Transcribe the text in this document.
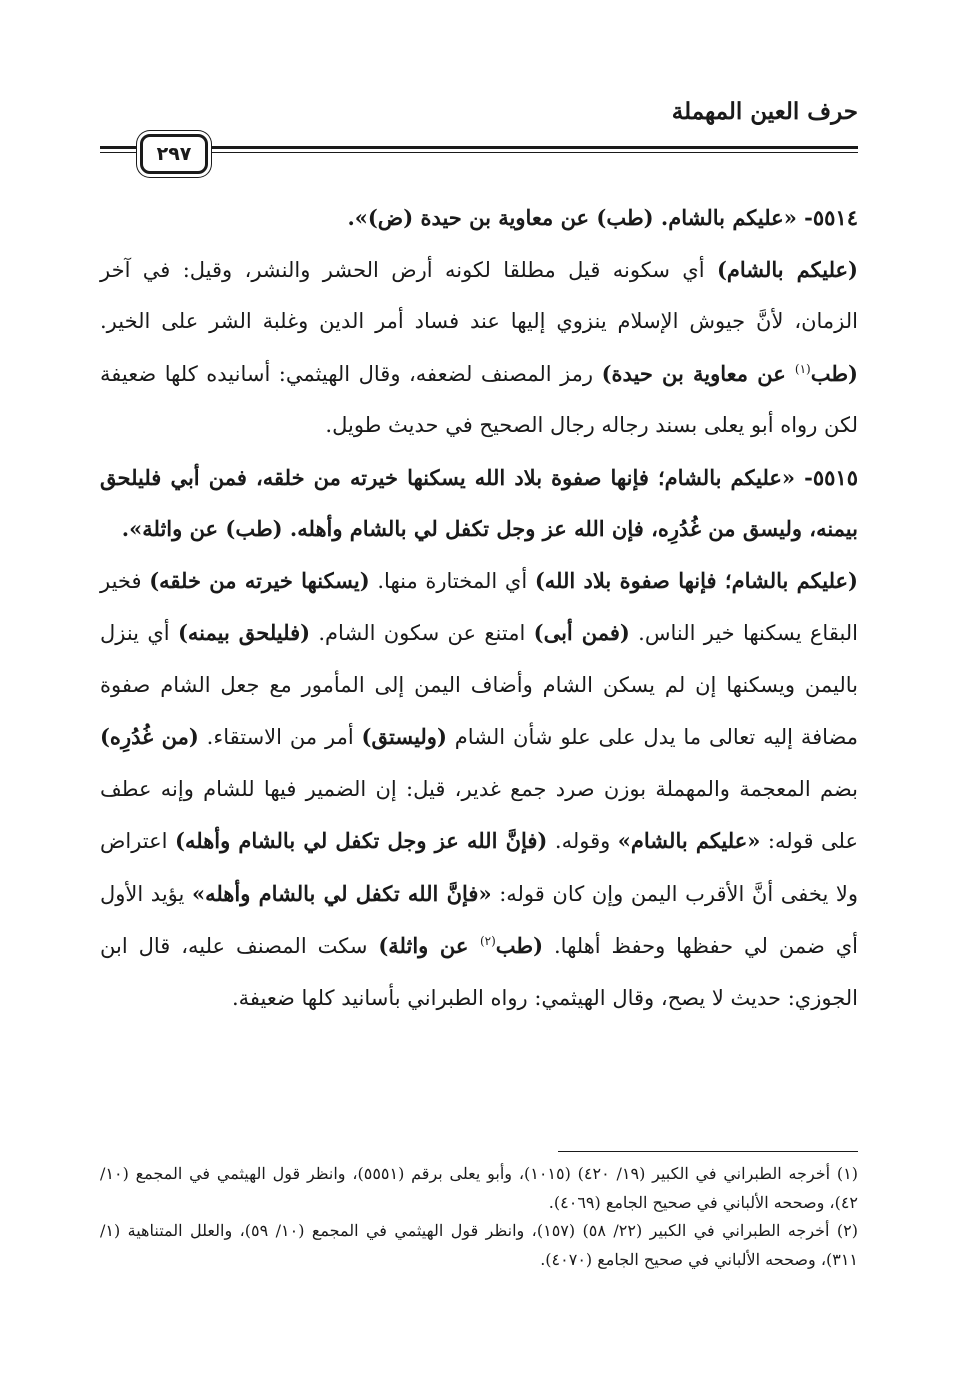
حرف العين المهملة
٢٩٧

٥٥١٤- «عليكم بالشام. (طب) عن معاوية بن حيدة (ض)».

(عليكم بالشام) أي سكونه قيل مطلقا لكونه أرض الحشر والنشر، وقيل: في آخر الزمان، لأنَّ جيوش الإسلام ينزوي إليها عند فساد أمر الدين وغلبة الشر على الخير. (طب$^{(١)}$ عن معاوية بن حيدة) رمز المصنف لضعفه، وقال الهيثمي: أسانيده كلها ضعيفة لكن رواه أبو يعلى بسند رجاله رجال الصحيح في حديث طويل.

٥٥١٥- «عليكم بالشام؛ فإنها صفوة بلاد الله يسكنها خيرته من خلقه، فمن أبي فليلحق بيمنه، وليسق من غُدُرِه، فإن الله عز وجل تكفل لي بالشام وأهله. (طب) عن واثلة».

(عليكم بالشام؛ فإنها صفوة بلاد الله) أي المختارة منها. (يسكنها خيرته من خلقه) فخير البقاع يسكنها خير الناس. (فمن أبى) امتنع عن سكون الشام. (فليلحق بيمنه) أي ينزل باليمن ويسكنها إن لم يسكن الشام وأضاف اليمن إلى المأمور مع جعل الشام صفوة مضافة إليه تعالى ما يدل على علو شأن الشام (وليستق) أمر من الاستقاء. (من غُدُرِه) بضم المعجمة والمهملة بوزن صرد جمع غدير، قيل: إن الضمير فيها للشام وإنه عطف على قوله: «عليكم بالشام» وقوله. (فإنَّ الله عز وجل تكفل لي بالشام وأهله) اعتراض ولا يخفى أنَّ الأقرب اليمن وإن كان قوله: «فإنَّ الله تكفل لي بالشام وأهله» يؤيد الأول أي ضمن لي حفظها وحفظ أهلها. (طب$^{(٢)}$ عن واثلة) سكت المصنف عليه، قال ابن الجوزي: حديث لا يصح، وقال الهيثمي: رواه الطبراني بأسانيد كلها ضعيفة.

(١) أخرجه الطبراني في الكبير (١٩/ ٤٢٠) (١٠١٥)، وأبو يعلى برقم (٥٥٥١)، وانظر قول الهيثمي في المجمع (١٠/ ٤٢)، وصححه الألباني في صحيح الجامع (٤٠٦٩).

(٢) أخرجه الطبراني في الكبير (٢٢/ ٥٨) (١٥٧)، وانظر قول الهيثمي في المجمع (١٠/ ٥٩)، والعلل المتناهية (١/ ٣١١)، وصححه الألباني في صحيح الجامع (٤٠٧٠).
